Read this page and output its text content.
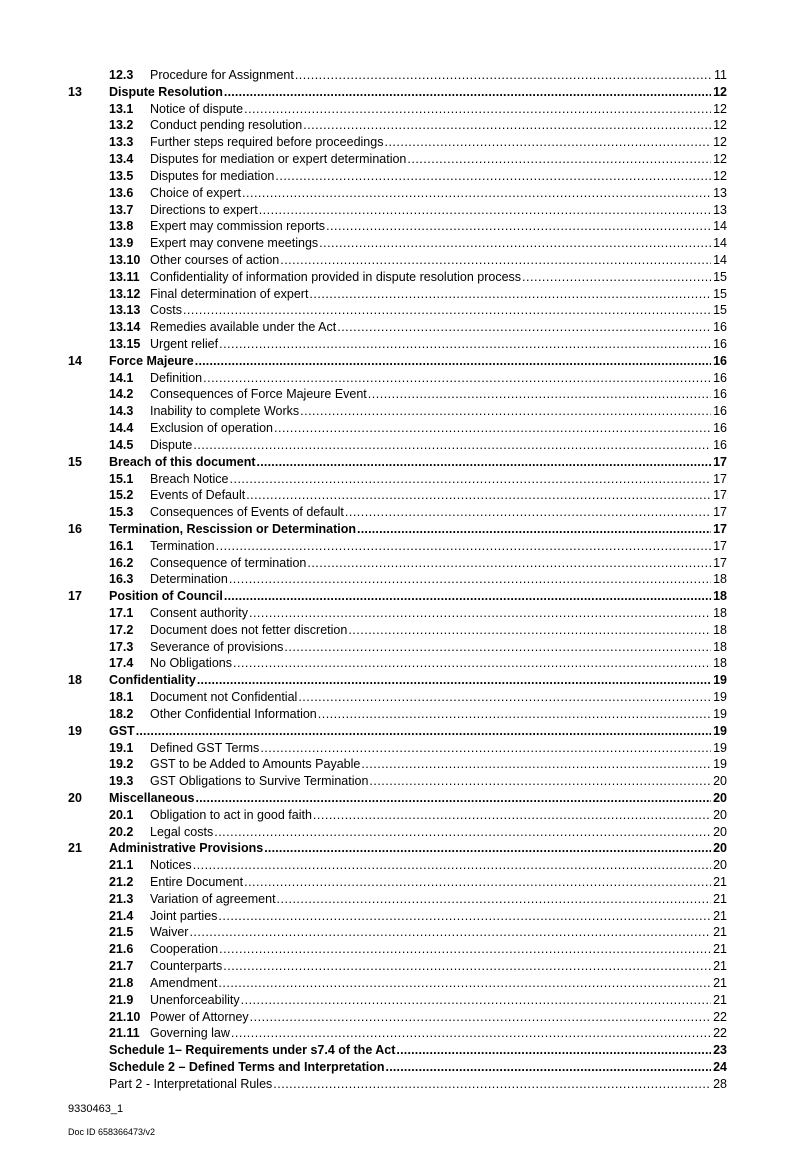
12.3	Procedure for Assignment .....	11
13	Dispute Resolution .....	12
13.1	Notice of dispute .....	12
13.2	Conduct pending resolution .....	12
13.3	Further steps required before proceedings .....	12
13.4	Disputes for mediation or expert determination .....	12
13.5	Disputes for mediation .....	12
13.6	Choice of expert .....	13
13.7	Directions to expert .....	13
13.8	Expert may commission reports .....	14
13.9	Expert may convene meetings .....	14
13.10 Other courses of action .....	14
13.11 Confidentiality of information provided in dispute resolution process .....	15
13.12 Final determination of expert .....	15
13.13 Costs .....	15
13.14 Remedies available under the Act .....	16
13.15 Urgent relief .....	16
14	Force Majeure .....	16
14.1	Definition .....	16
14.2	Consequences of Force Majeure Event .....	16
14.3	Inability to complete Works .....	16
14.4	Exclusion of operation .....	16
14.5	Dispute .....	16
15	Breach of this document .....	17
15.1	Breach Notice .....	17
15.2	Events of Default .....	17
15.3	Consequences of Events of default .....	17
16	Termination, Rescission or Determination .....	17
16.1	Termination .....	17
16.2	Consequence of termination .....	17
16.3	Determination .....	18
17	Position of Council .....	18
17.1	Consent authority .....	18
17.2	Document does not fetter discretion .....	18
17.3	Severance of provisions .....	18
17.4	No Obligations .....	18
18	Confidentiality .....	19
18.1	Document not Confidential .....	19
18.2	Other Confidential Information .....	19
19	GST .....	19
19.1	Defined GST Terms .....	19
19.2	GST to be Added to Amounts Payable .....	19
19.3	GST Obligations to Survive Termination .....	20
20	Miscellaneous .....	20
20.1	Obligation to act in good faith .....	20
20.2	Legal costs .....	20
21	Administrative Provisions .....	20
21.1	Notices .....	20
21.2	Entire Document .....	21
21.3	Variation of agreement .....	21
21.4	Joint parties .....	21
21.5	Waiver .....	21
21.6	Cooperation .....	21
21.7	Counterparts .....	21
21.8	Amendment .....	21
21.9	Unenforceability .....	21
21.10 Power of Attorney .....	22
21.11 Governing law .....	22
Schedule 1– Requirements under s7.4 of the Act .....	23
Schedule 2 – Defined Terms and Interpretation .....	24
Part 2 - Interpretational Rules .....	28
9330463_1
Doc ID 658366473/v2
